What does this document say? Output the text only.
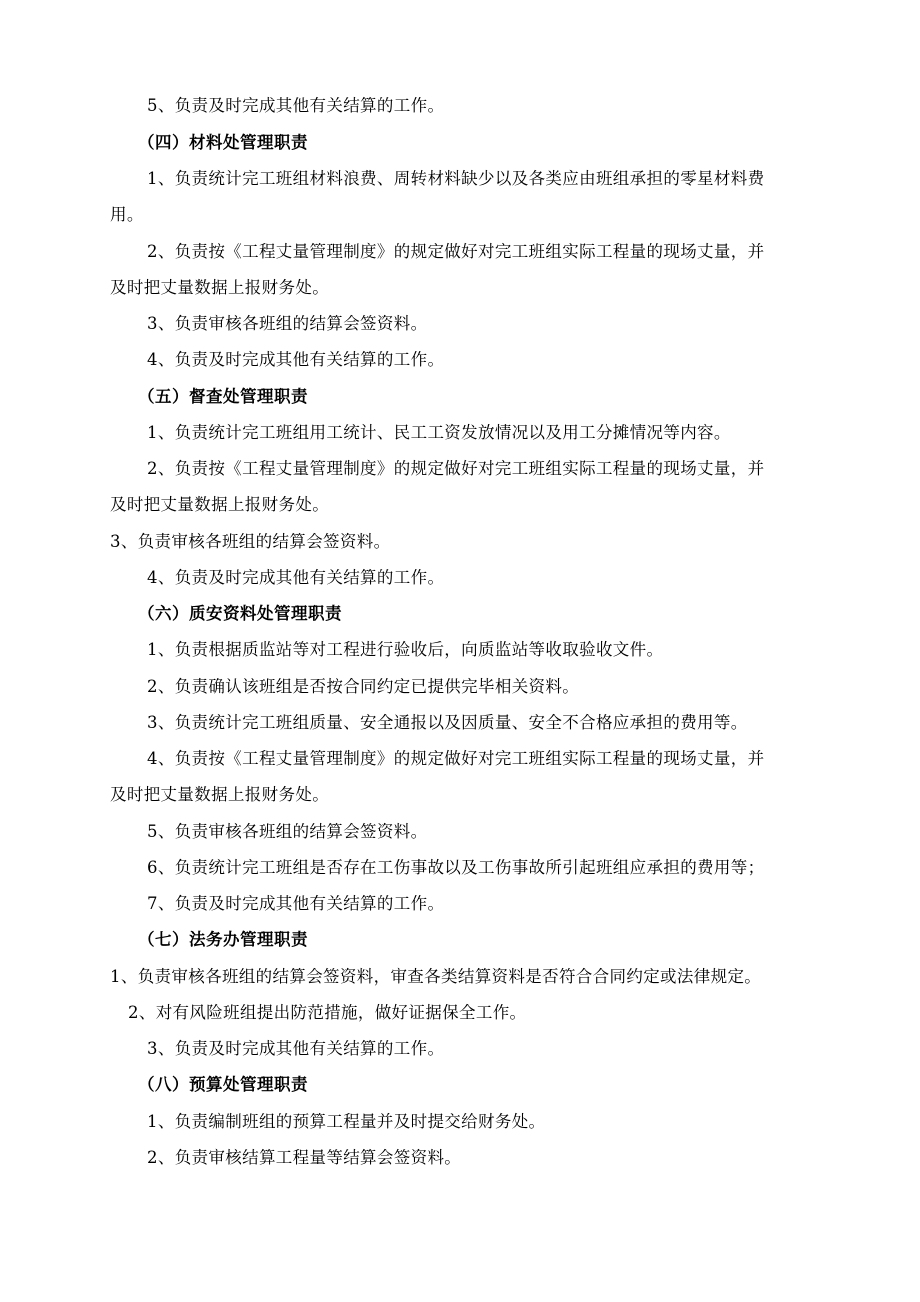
5、负责及时完成其他有关结算的工作。
（四）材料处管理职责
1、负责统计完工班组材料浪费、周转材料缺少以及各类应由班组承担的零星材料费
用。
2、负责按《工程丈量管理制度》的规定做好对完工班组实际工程量的现场丈量，并
及时把丈量数据上报财务处。
3、负责审核各班组的结算会签资料。
4、负责及时完成其他有关结算的工作。
（五）督查处管理职责
1、负责统计完工班组用工统计、民工工资发放情况以及用工分摊情况等内容。
2、负责按《工程丈量管理制度》的规定做好对完工班组实际工程量的现场丈量，并
及时把丈量数据上报财务处。
3、负责审核各班组的结算会签资料。
4、负责及时完成其他有关结算的工作。
（六）质安资料处管理职责
1、负责根据质监站等对工程进行验收后，向质监站等收取验收文件。
2、负责确认该班组是否按合同约定已提供完毕相关资料。
3、负责统计完工班组质量、安全通报以及因质量、安全不合格应承担的费用等。
4、负责按《工程丈量管理制度》的规定做好对完工班组实际工程量的现场丈量，并
及时把丈量数据上报财务处。
5、负责审核各班组的结算会签资料。
6、负责统计完工班组是否存在工伤事故以及工伤事故所引起班组应承担的费用等；
7、负责及时完成其他有关结算的工作。
（七）法务办管理职责
1、负责审核各班组的结算会签资料，审查各类结算资料是否符合合同约定或法律规定。
2、对有风险班组提出防范措施，做好证据保全工作。
3、负责及时完成其他有关结算的工作。
（八）预算处管理职责
1、负责编制班组的预算工程量并及时提交给财务处。
2、负责审核结算工程量等结算会签资料。
